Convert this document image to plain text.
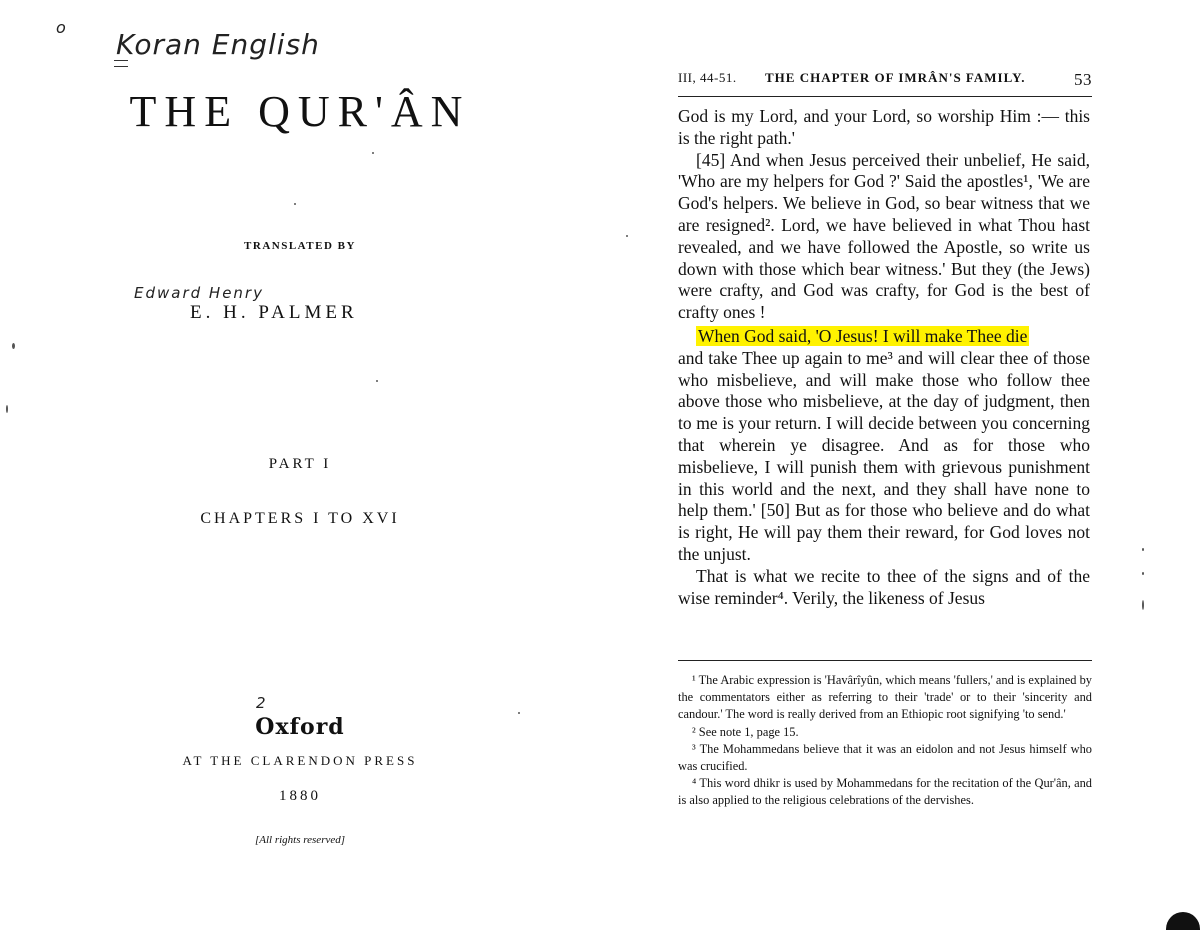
o
Koran English
THE QUR'ÂN
TRANSLATED BY
Edward Henry
E. H. PALMER
PART I
CHAPTERS I TO XVI
2
Oxford
AT THE CLARENDON PRESS
1880
[All rights reserved]
III, 44-51. THE CHAPTER OF IMRÂN'S FAMILY.	53

God is my Lord, and your Lord, so worship Him :— this is the right path.'

[45] And when Jesus perceived their unbelief, He said, 'Who are my helpers for God ?' Said the apostles¹, 'We are God's helpers. We believe in God, so bear witness that we are resigned². Lord, we have believed in what Thou hast revealed, and we have followed the Apostle, so write us down with those which bear witness.' But they (the Jews) were crafty, and God was crafty, for God is the best of crafty ones !

When God said, 'O Jesus! I will make Thee die

and take Thee up again to me³ and will clear thee of those who misbelieve, and will make those who follow thee above those who misbelieve, at the day of judgment, then to me is your return. I will decide between you concerning that wherein ye disagree. And as for those who misbelieve, I will punish them with grievous punishment in this world and the next, and they shall have none to help them.' [50] But as for those who believe and do what is right, He will pay them their reward, for God loves not the unjust.

That is what we recite to thee of the signs and of the wise reminder⁴. Verily, the likeness of Jesus

¹ The Arabic expression is 'Havârîyûn, which means 'fullers,' and is explained by the commentators either as referring to their 'trade' or to their 'sincerity and candour.' The word is really derived from an Ethiopic root signifying 'to send.'

² See note 1, page 15.

³ The Mohammedans believe that it was an eidolon and not Jesus himself who was crucified.

⁴ This word dhikr is used by Mohammedans for the recitation of the Qur'ân, and is also applied to the religious celebrations of the dervishes.
